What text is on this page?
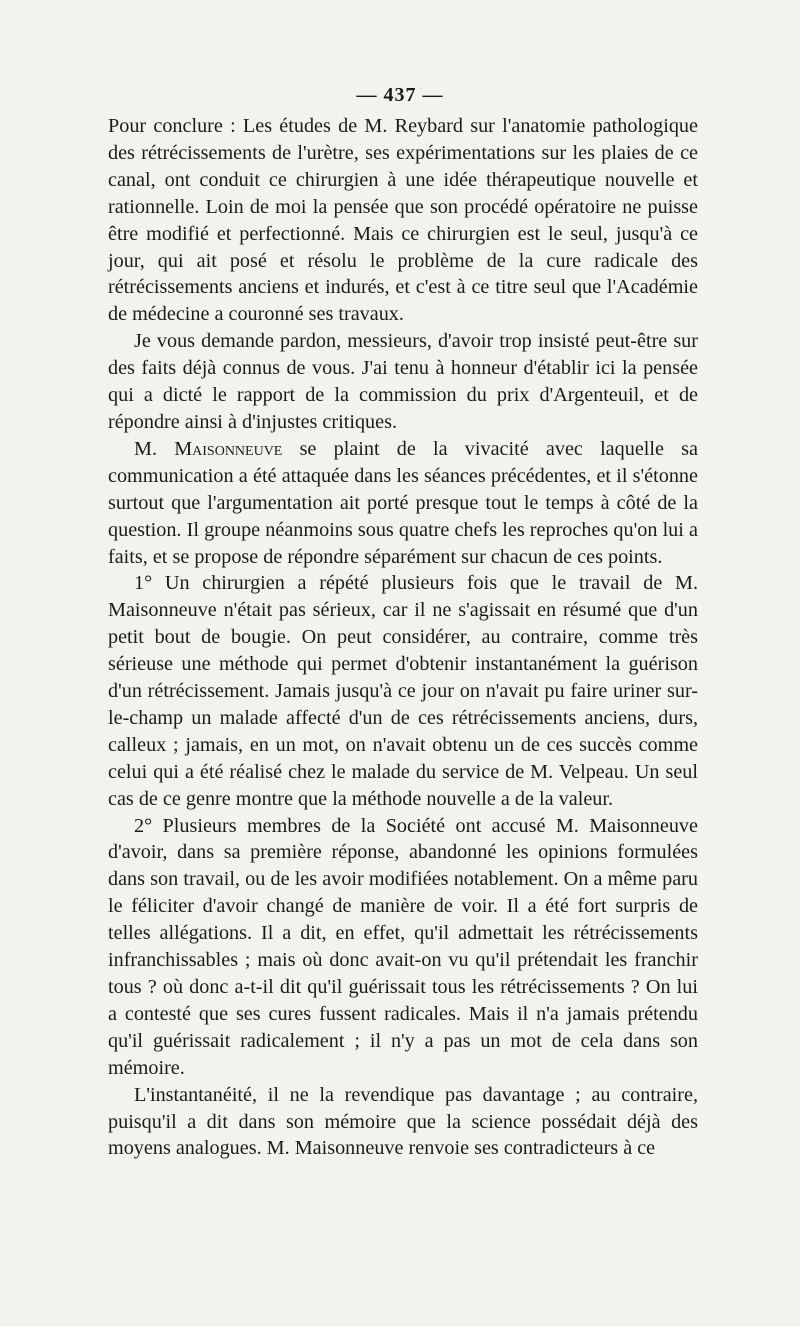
— 437 —

Pour conclure : Les études de M. Reybard sur l'anatomie pathologique des rétrécissements de l'urètre, ses expérimentations sur les plaies de ce canal, ont conduit ce chirurgien à une idée thérapeutique nouvelle et rationnelle. Loin de moi la pensée que son procédé opératoire ne puisse être modifié et perfectionné. Mais ce chirurgien est le seul, jusqu'à ce jour, qui ait posé et résolu le problème de la cure radicale des rétrécissements anciens et indurés, et c'est à ce titre seul que l'Académie de médecine a couronné ses travaux.

Je vous demande pardon, messieurs, d'avoir trop insisté peut-être sur des faits déjà connus de vous. J'ai tenu à honneur d'établir ici la pensée qui a dicté le rapport de la commission du prix d'Argenteuil, et de répondre ainsi à d'injustes critiques.

M. Maisonneuve se plaint de la vivacité avec laquelle sa communication a été attaquée dans les séances précédentes, et il s'étonne surtout que l'argumentation ait porté presque tout le temps à côté de la question. Il groupe néanmoins sous quatre chefs les reproches qu'on lui a faits, et se propose de répondre séparément sur chacun de ces points.

1° Un chirurgien a répété plusieurs fois que le travail de M. Maisonneuve n'était pas sérieux, car il ne s'agissait en résumé que d'un petit bout de bougie. On peut considérer, au contraire, comme très sérieuse une méthode qui permet d'obtenir instantanément la guérison d'un rétrécissement. Jamais jusqu'à ce jour on n'avait pu faire uriner sur-le-champ un malade affecté d'un de ces rétrécissements anciens, durs, calleux ; jamais, en un mot, on n'avait obtenu un de ces succès comme celui qui a été réalisé chez le malade du service de M. Velpeau. Un seul cas de ce genre montre que la méthode nouvelle a de la valeur.

2° Plusieurs membres de la Société ont accusé M. Maisonneuve d'avoir, dans sa première réponse, abandonné les opinions formulées dans son travail, ou de les avoir modifiées notablement. On a même paru le féliciter d'avoir changé de manière de voir. Il a été fort surpris de telles allégations. Il a dit, en effet, qu'il admettait les rétrécissements infranchissables ; mais où donc avait-on vu qu'il prétendait les franchir tous ? où donc a-t-il dit qu'il guérissait tous les rétrécissements ? On lui a contesté que ses cures fussent radicales. Mais il n'a jamais prétendu qu'il guérissait radicalement ; il n'y a pas un mot de cela dans son mémoire.

L'instantanéité, il ne la revendique pas davantage ; au contraire, puisqu'il a dit dans son mémoire que la science possédait déjà des moyens analogues. M. Maisonneuve renvoie ses contradicteurs à ce
